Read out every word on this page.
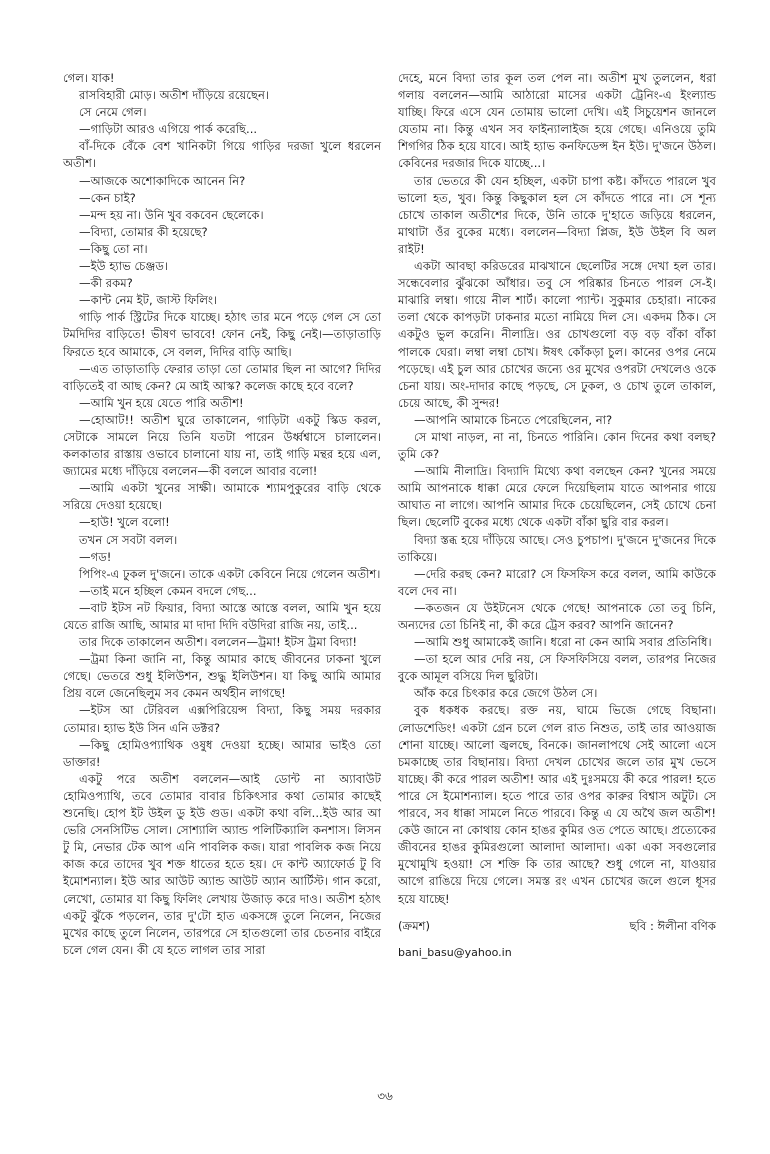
গেল। যাক!

রাসবিহারী মোড়। অতীশ দাঁড়িয়ে রয়েছেন।

সে নেমে গেল।

—গাড়িটা আরও এগিয়ে পার্ক করেছি...

বাঁ-দিকে বেঁকে বেশ খানিকটা গিয়ে গাড়ির দরজা খুলে ধরলেন অতীশ।

—আজকে অশোকাদিকে আনেন নি?

—কেন চাই?

—মন্দ হয় না। উনি খুব বকবেন ছেলেকে।

—বিদ্যা, তোমার কী হয়েছে?

—কিছু তো না।

—ইউ হ্যাভ চেঞ্জড।

—কী রকম?

—কান্ট নেম ইট, জাস্ট ফিলিং।

গাড়ি পার্ক স্ট্রিটের দিকে যাচ্ছে। হঠাৎ তার মনে পড়ে গেল সে তো টমদিদির বাড়িতে! ভীষণ ভাববে! ফোন নেই, কিছু নেই।—তাড়াতাড়ি ফিরতে হবে আমাকে, সে বলল, দিদির বাড়ি আছি।

—এত তাড়াতাড়ি ফেরার তাড়া তো তোমার ছিল না আগে? দিদির বাড়িতেই বা আছ কেন? মে আই আস্ক? কলেজ কাছে হবে বলে?

—আমি খুন হয়ে যেতে পারি অতীশ!

—হোআট!! অতীশ ঘুরে তাকালেন, গাড়িটা একটু স্কিড করল, সেটাকে সামলে নিয়ে তিনি যতটা পারেন উর্ধ্বশ্বাসে চালালেন। কলকাতার রাস্তায় ওভাবে চালানো যায় না, তাই গাড়ি মন্থর হয়ে এল, জ্যামের মধ্যে দাঁড়িয়ে বললেন—কী বললে আবার বলো!

—আমি একটা খুনের সাক্ষী। আমাকে শ্যামপুকুরের বাড়ি থেকে সরিয়ে দেওয়া হয়েছে।

—হাউ! খুলে বলো!

তখন সে সবটা বলল।

—গড!

পিপিং-এ ঢুকল দু'জনে। তাকে একটা কেবিনে নিয়ে গেলেন অতীশ।

—তাই মনে হচ্ছিল কেমন বদলে গেছ...

—বাট ইটস নট ফিয়ার, বিদ্যা আস্তে আস্তে বলল, আমি খুন হয়ে যেতে রাজি আছি, আমার মা দাদা দিদি বউদিরা রাজি নয়, তাই...

তার দিকে তাকালেন অতীশ। বললেন—ট্রমা! ইটস ট্রমা বিদ্যা!

—ট্রমা কিনা জানি না, কিন্তু আমার কাছে জীবনের ঢাকনা খুলে গেছে। ভেতরে শুধু ইলিউশন, শুদ্ধু ইলিউশন। যা কিছু আমি আমার প্রিয় বলে জেনেছিলুম সব কেমন অর্থহীন লাগছে!

—ইটস আ টেরিবল এক্সপিরিয়েন্স বিদ্যা, কিছু সময় দরকার তোমার। হ্যাভ ইউ সিন এনি ডক্টর?

—কিছু হোমিওপ্যাথিক ওষুধ দেওয়া হচ্ছে। আমার ভাইও তো ডাক্তার!

একটু পরে অতীশ বললেন—আই ডোন্ট না অ্যাবাউট হোমিওপ্যাথি, তবে তোমার বাবার চিকিৎসার কথা তোমার কাছেই শুনেছি। হোপ ইট উইল ডু ইউ গুড। একটা কথা বলি...ইউ আর আ ভেরি সেনসিটিভ সোল। সোশ্যালি অ্যান্ড পলিটিক্যালি কনশাস। লিসন টু মি, নেভার টেক আপ এনি পাবলিক কজ। যারা পাবলিক কজ নিয়ে কাজ করে তাদের খুব শক্ত ধাতের হতে হয়। দে কান্ট অ্যাফোর্ড টু বি ইমোশন্যাল। ইউ আর আউট অ্যান্ড আউট অ্যান আর্টিস্ট। গান করো, লেখো, তোমার যা কিছু ফিলিং লেখায় উজাড় করে দাও। অতীশ হঠাৎ একটু ঝুঁকে পড়লেন, তার দু'টো হাত একসঙ্গে তুলে নিলেন, নিজের মুখের কাছে তুলে নিলেন, তারপরে সে হাতগুলো তার চেতনার বাইরে চলে গেল যেন। কী যে হতে লাগল তার সারা

দেহে, মনে বিদ্যা তার কূল তল পেল না। অতীশ মুখ তুললেন, ধরা গলায় বললেন—আমি আঠারো মাসের একটা ট্রেনিং-এ ইংল্যান্ড যাচ্ছি। ফিরে এসে যেন তোমায় ভালো দেখি। এই সিচুয়েশন জানলে যেতাম না। কিন্তু এখন সব ফাইন্যালাইজ হয়ে গেছে। এনিওয়ে তুমি শিগগির ঠিক হয়ে যাবে। আই হ্যাভ কনফিডেন্স ইন ইউ। দু'জনে উঠল। কেবিনের দরজার দিকে যাচ্ছে...।

তার ভেতরে কী যেন হচ্ছিল, একটা চাপা কষ্ট। কাঁদতে পারলে খুব ভালো হত, খুব। কিন্তু কিছুকাল হল সে কাঁদতে পারে না। সে শূন্য চোখে তাকাল অতীশের দিকে, উনি তাকে দু'হাতে জড়িয়ে ধরলেন, মাথাটা ওঁর বুকের মধ্যে। বললেন—বিদ্যা প্লিজ, ইউ উইল বি অল রাইট!

একটা আবছা করিডরের মাঝখানে ছেলেটির সঙ্গে দেখা হল তার। সন্ধেবেলার ঝুঁঝকো আঁধার। তবু সে পরিষ্কার চিনতে পারল সে-ই। মাঝারি লম্বা। গায়ে নীল শার্ট। কালো প্যান্ট। সুকুমার চেহারা। নাকের তলা থেকে কাপড়টা ঢাকনার মতো নামিয়ে দিল সে। একদম ঠিক। সে একটুও ভুল করেনি। নীলাদ্রি। ওর চোখগুলো বড় বড় বাঁকা বাঁকা পালকে ঘেরা। লম্বা লম্বা চোখ। ঈষৎ কোঁকড়া চুল। কানের ওপর নেমে পড়েছে। এই চুল আর চোখের জন্যে ওর মুখের ওপরটা দেখলেও ওকে চেনা যায়। অং-দাদার কাছে পড়ছে, সে ঢুকল, ও চোখ তুলে তাকাল, চেয়ে আছে, কী সুন্দর!

—আপনি আমাকে চিনতে পেরেছিলেন, না?

সে মাথা নাড়ল, না না, চিনতে পারিনি। কোন দিনের কথা বলছ? তুমি কে?

—আমি নীলাদ্রি। বিদ্যাদি মিথ্যে কথা বলছেন কেন? খুনের সময়ে আমি আপনাকে ধাক্কা মেরে ফেলে দিয়েছিলাম যাতে আপনার গায়ে আঘাত না লাগে। আপনি আমার দিকে চেয়েছিলেন, সেই চোখে চেনা ছিল। ছেলেটি বুকের মধ্যে থেকে একটা বাঁকা ছুরি বার করল।

বিদ্যা স্তব্ধ হয়ে দাঁড়িয়ে আছে। সেও চুপচাপ। দু'জনে দু'জনের দিকে তাকিয়ে।

—দেরি করছ কেন? মারো? সে ফিসফিস করে বলল, আমি কাউকে বলে দেব না।

—কতজন যে উইটনেস থেকে গেছে! আপনাকে তো তবু চিনি, অন্যদের তো চিনিই না, কী করে ট্রেস করব? আপনি জানেন?

—আমি শুধু আমাকেই জানি। ধরো না কেন আমি সবার প্রতিনিধি।

—তা হলে আর দেরি নয়, সে ফিসফিসিয়ে বলল, তারপর নিজের বুকে আমূল বসিয়ে দিল ছুরিটা।

আঁক করে চিৎকার করে জেগে উঠল সে।

বুক ধকধক করছে। রক্ত নয়, ঘামে ভিজে গেছে বিছানা। লোডশেডিং! একটা গ্রেন চলে গেল রাত নিশুত, তাই তার আওয়াজ শোনা যাচ্ছে। আলো জ্বলছে, বিনকে। জানলাপথে সেই আলো এসে চমকাচ্ছে তার বিছানায়। বিদ্যা দেখল চোখের জলে তার মুখ ভেসে যাচ্ছে। কী করে পারল অতীশ! আর এই দুঃসময়ে কী করে পারল! হতে পারে সে ইমোশন্যাল। হতে পারে তার ওপর কারুর বিশ্বাস অটুট। সে পারবে, সব ধাক্কা সামলে নিতে পারবে। কিন্তু এ যে অথৈ জল অতীশ! কেউ জানে না কোথায় কোন হাঙর কুমির ওত পেতে আছে। প্রত্যেকের জীবনের হাঙর কুমিরগুলো আলাদা আলাদা। একা একা সবগুলোর মুখোমুখি হওয়া! সে শক্তি কি তার আছে? শুধু গেলে না, যাওয়ার আগে রাঙিয়ে দিয়ে গেলে। সমস্ত রং এখন চোখের জলে গুলে ধূসর হয়ে যাচ্ছে!

(ক্রমশ)	ছবি : ঈলীনা বণিক
bani_basu@yahoo.in
৩৬
